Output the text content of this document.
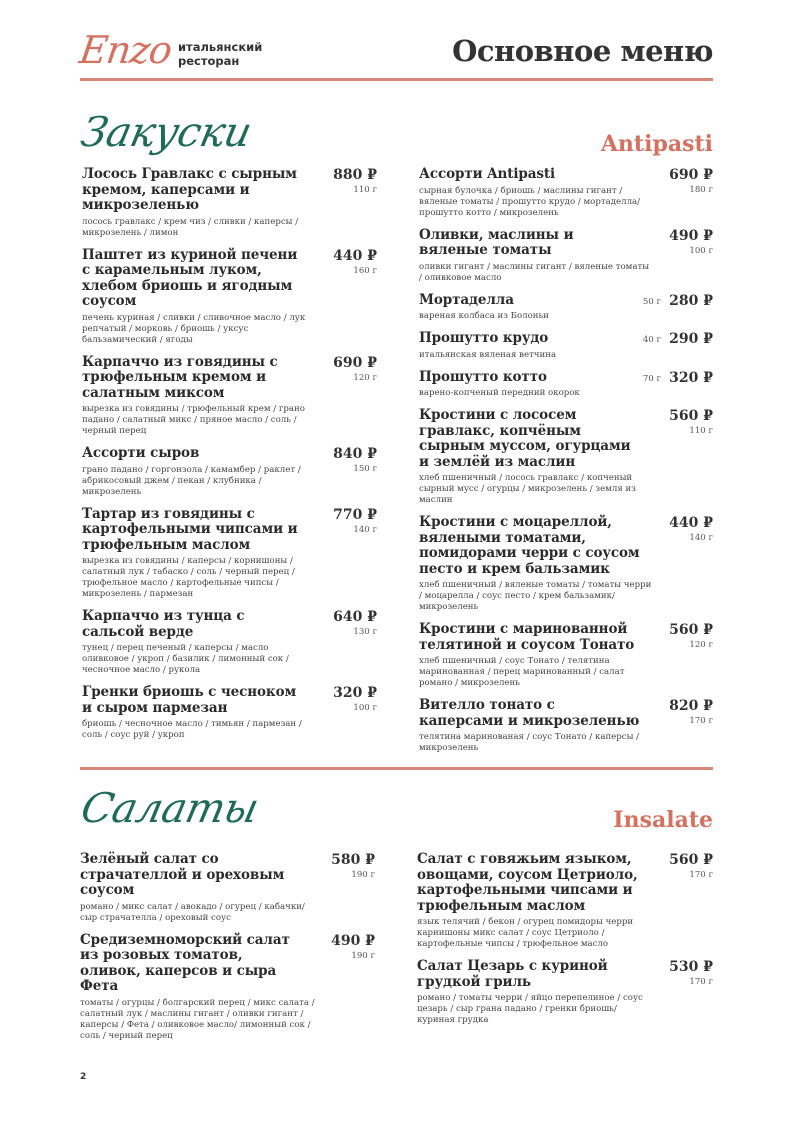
Enzo итальянский
ресторан	Основное меню
Закуски	Antipasti
Лосось Гравлакс с сырным кремом, каперсами и микрозеленью
лосось гравлакс / крем чиз / сливки / каперсы / микрозелень / лимон
880 ₽
110 г
Паштет из куриной печени с карамельным луком, хлебом бриошь и ягодным соусом
печень куриная / сливки / сливочное масло / лук репчатый / морковь / бриошь / уксус бальзамический / ягоды
440 ₽
160 г
Карпаччо из говядины с трюфельным кремом и салатным миксом
вырезка из говядины / трюфельный крем / грано падано / салатный микс / пряное масло / соль / черный перец
690 ₽
120 г
Ассорти сыров
грано падано / горгонзола / камамбер / раклет / абрикосовый джем / пекан / клубника / микрозелень
840 ₽
150 г
Тартар из говядины с картофельными чипсами и трюфельным маслом
вырезка из говядины / каперсы / корнишоны / салатный лук / табаско / соль / черный перец / трюфельное масло / картофельные чипсы / микрозелень / пармезан
770 ₽
140 г
Карпаччо из тунца с сальсой верде
тунец / перец печеный / каперсы / масло оливковое / укроп / базилик / лимонный сок / чесночное масло / рукола
640 ₽
130 г
Гренки бриошь с чесноком и сыром пармезан
бриошь / чесночное масло / тимьян / пармезан / соль / соус руй / укроп
320 ₽
100 г
Ассорти Antipasti
сырная булочка / бриошь / маслины гигант / вяленые томаты / прошутто крудо / мортаделла/ прошутто котто / микрозелень
690 ₽
180 г
Оливки, маслины и вяленые томаты
оливки гигант / маслины гигант / вяленые томаты / оливковое масло
490 ₽
100 г
Мортаделла
вареная колбаса из Болоньи
280 ₽
50 г
Прошутто крудо
итальянская вяленая ветчина
290 ₽
40 г
Прошутто котто
варено-копченый передний окорок
320 ₽
70 г
Кростини с лососем гравлакс, копчёным сырным муссом, огурцами и землёй из маслин
хлеб пшеничный / лосось гравлакс / копченый сырный мусс / огурцы / микрозелень / земля из маслин
560 ₽
110 г
Кростини с моцареллой, вялеными томатами, помидорами черри с соусом песто и крем бальзамик
хлеб пшеничный / вяленые томаты / томаты черри / моцарелла / соус песто / крем бальзамик/ микрозелень
440 ₽
140 г
Кростини с маринованной телятиной и соусом Тонато
хлеб пшеничный / соус Тонато / телятина маринованная / перец маринованный / салат романо / микрозелень
560 ₽
120 г
Вителло тонато с каперсами и микрозеленью
телятина маринованая / соус Тонато / каперсы / микрозелень
820 ₽
170 г
Салаты	Insalate
Зелёный салат со страчателлой и ореховым соусом
романо / микс салат / авокадо / огурец / кабачки/ сыр страчателла / ореховый соус
580 ₽
190 г
Средиземноморский салат из розовых томатов, оливок, каперсов и сыра Фета
томаты / огурцы / болгарский перец / микс салата / салатный лук / маслины гигант / оливки гигант / каперсы / Фета / оливковое масло/ лимонный сок / соль / черный перец
490 ₽
190 г
Салат с говяжьим языком, овощами, соусом Цетриоло, картофельными чипсами и трюфельным маслом
язык телячий / бекон / огурец помидоры черри карнишоны микс салат / соус Цетриоло / картофельные чипсы / трюфельное масло
560 ₽
170 г
Салат Цезарь с куриной грудкой гриль
романо / томаты черри / яйцо перепелиное / соус цезарь / сыр грана падано / гренки бриошь/ куриная грудка
530 ₽
170 г
2
